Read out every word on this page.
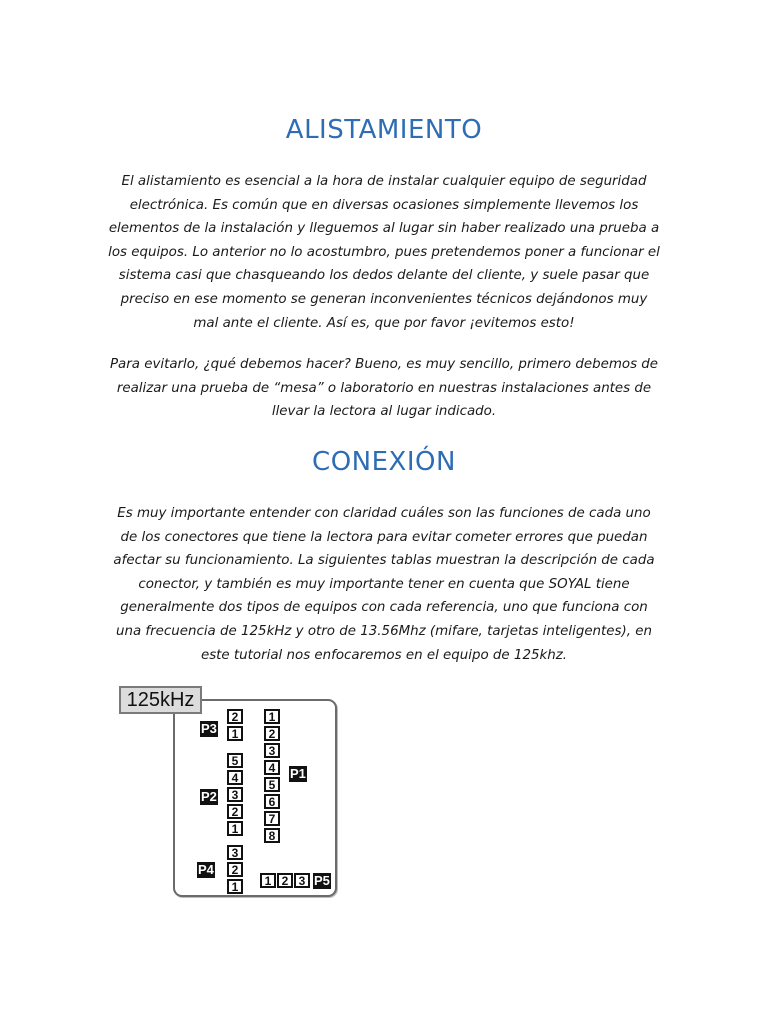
ALISTAMIENTO

El alistamiento es esencial a la hora de instalar cualquier equipo de seguridad electrónica. Es común que en diversas ocasiones simplemente llevemos los elementos de la instalación y lleguemos al lugar sin haber realizado una prueba a los equipos. Lo anterior no lo acostumbro, pues pretendemos poner a funcionar el sistema casi que chasqueando los dedos delante del cliente, y suele pasar que preciso en ese momento se generan inconvenientes técnicos dejándonos muy mal ante el cliente. Así es, que por favor ¡evitemos esto!

Para evitarlo, ¿qué debemos hacer? Bueno, es muy sencillo, primero debemos de realizar una prueba de “mesa” o laboratorio en nuestras instalaciones antes de llevar la lectora al lugar indicado.

CONEXIÓN

Es muy importante entender con claridad cuáles son las funciones de cada uno de los conectores que tiene la lectora para evitar cometer errores que puedan afectar su funcionamiento. La siguientes tablas muestran la descripción de cada conector, y también es muy importante tener en cuenta que SOYAL tiene generalmente dos tipos de equipos con cada referencia, uno que funciona con una frecuencia de 125kHz y otro de 13.56Mhz (mifare, tarjetas inteligentes), en este tutorial nos enfocaremos en el equipo de 125khz.

125kHz
P3
2
1
P2
5
4
3
2
1
P4
3
2
1
P1
1
2
3
4
5
6
7
8
1 2 3 P5
